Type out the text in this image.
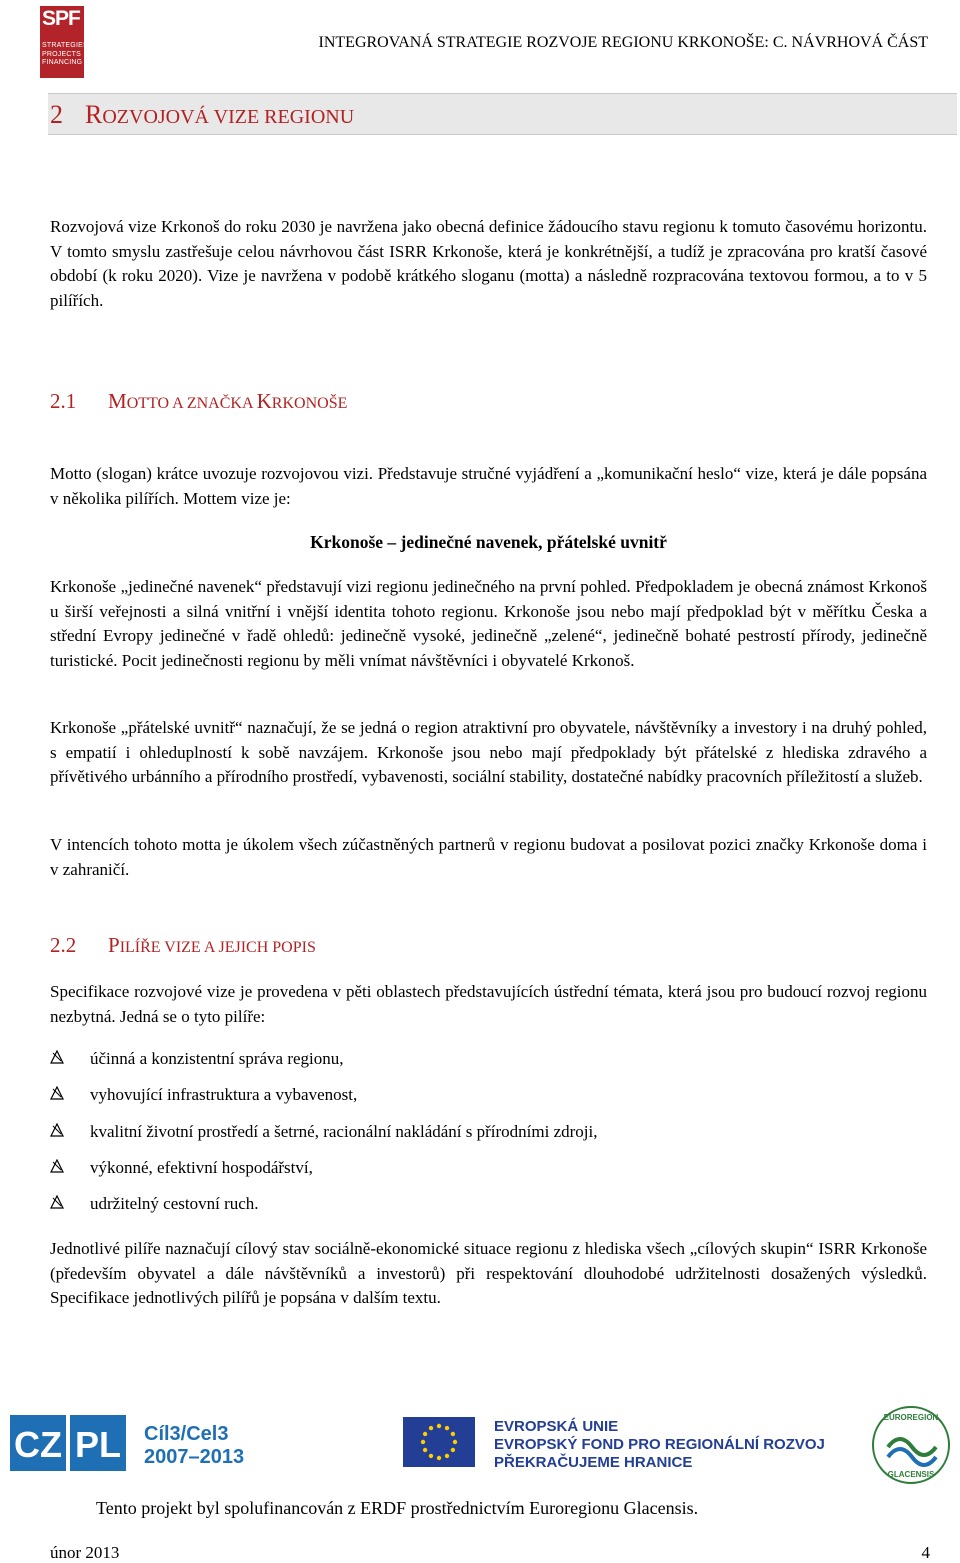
SPF
STRATEGIES PROJECTS FINANCING
INTEGROVANÁ STRATEGIE ROZVOJE REGIONU KRKONOŠE: C. NÁVRHOVÁ ČÁST
2 ROZVOJOVÁ VIZE REGIONU

Rozvojová vize Krkonoš do roku 2030 je navržena jako obecná definice žádoucího stavu regionu k tomuto časovému horizontu. V tomto smyslu zastřešuje celou návrhovou část ISRR Krkonoše, která je konkrétnější, a tudíž je zpracována pro kratší časové období (k roku 2020). Vize je navržena v podobě krátkého sloganu (motta) a následně rozpracována textovou formou, a to v 5 pilířích.

2.1 MOTTO A ZNAČKA KRKONOŠE

Motto (slogan) krátce uvozuje rozvojovou vizi. Představuje stručné vyjádření a „komunikační heslo“ vize, která je dále popsána v několika pilířích. Mottem vize je:

Krkonoše – jedinečné navenek, přátelské uvnitř

Krkonoše „jedinečné navenek“ představují vizi regionu jedinečného na první pohled. Předpokladem je obecná známost Krkonoš u širší veřejnosti a silná vnitřní i vnější identita tohoto regionu. Krkonoše jsou nebo mají předpoklad být v měřítku Česka a střední Evropy jedinečné v řadě ohledů: jedinečně vysoké, jedinečně „zelené“, jedinečně bohaté pestrostí přírody, jedinečně turistické. Pocit jedinečnosti regionu by měli vnímat návštěvníci i obyvatelé Krkonoš.

Krkonoše „přátelské uvnitř“ naznačují, že se jedná o region atraktivní pro obyvatele, návštěvníky a investory i na druhý pohled, s empatií i ohleduplností k sobě navzájem. Krkonoše jsou nebo mají předpoklady být přátelské z hlediska zdravého a přívětivého urbánního a přírodního prostředí, vybavenosti, sociální stability, dostatečné nabídky pracovních příležitostí a služeb.

V intencích tohoto motta je úkolem všech zúčastněných partnerů v regionu budovat a posilovat pozici značky Krkonoše doma i v zahraničí.

2.2 PILÍŘE VIZE A JEJICH POPIS

Specifikace rozvojové vize je provedena v pěti oblastech představujících ústřední témata, která jsou pro budoucí rozvoj regionu nezbytná. Jedná se o tyto pilíře:

účinná a konzistentní správa regionu,
vyhovující infrastruktura a vybavenost,
kvalitní životní prostředí a šetrné, racionální nakládání s přírodními zdroji,
výkonné, efektivní hospodářství,
udržitelný cestovní ruch.

Jednotlivé pilíře naznačují cílový stav sociálně-ekonomické situace regionu z hlediska všech „cílových skupin“ ISRR Krkonoše (především obyvatel a dále návštěvníků a investorů) při respektování dlouhodobé udržitelnosti dosažených výsledků. Specifikace jednotlivých pilířů je popsána v dalším textu.

CZ PL Cíl3/Cel3
2007–2013
EVROPSKÁ UNIE
EVROPSKÝ FOND PRO REGIONÁLNÍ ROZVOJ
PŘEKRAČUJEME HRANICE
EUROREGION
GLACENSIS
Tento projekt byl spolufinancován z ERDF prostřednictvím Euroregionu Glacensis.
únor 2013	4
